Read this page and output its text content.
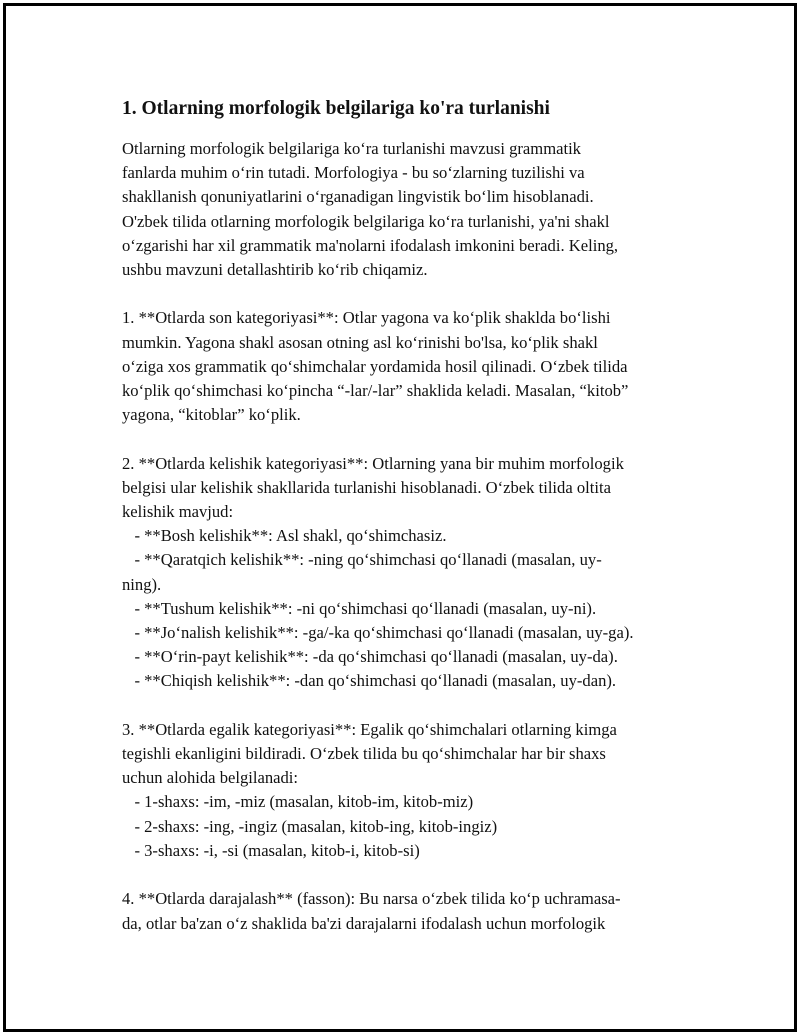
1. Otlarning morfologik belgilariga ko'ra turlanishi
Otlarning morfologik belgilariga ko‘ra turlanishi mavzusi grammatik
fanlarda muhim o‘rin tutadi. Morfologiya - bu so‘zlarning tuzilishi va
shakllanish qonuniyatlarini o‘rganadigan lingvistik bo‘lim hisoblanadi.
O'zbek tilida otlarning morfologik belgilariga ko‘ra turlanishi, ya'ni shakl
o‘zgarishi har xil grammatik ma'nolarni ifodalash imkonini beradi. Keling,
ushbu mavzuni detallashtirib ko‘rib chiqamiz.

1. **Otlarda son kategoriyasi**: Otlar yagona va ko‘plik shaklda bo‘lishi
mumkin. Yagona shakl asosan otning asl ko‘rinishi bo'lsa, ko‘plik shakl
o‘ziga xos grammatik qo‘shimchalar yordamida hosil qilinadi. O‘zbek tilida
ko‘plik qo‘shimchasi ko‘pincha “-lar/-lar” shaklida keladi. Masalan, “kitob”
yagona, “kitoblar” ko‘plik.

2. **Otlarda kelishik kategoriyasi**: Otlarning yana bir muhim morfologik
belgisi ular kelishik shakllarida turlanishi hisoblanadi. O‘zbek tilida oltita
kelishik mavjud:
- **Bosh kelishik**: Asl shakl, qo‘shimchasiz.
- **Qaratqich kelishik**: -ning qo‘shimchasi qo‘llanadi (masalan, uy-
ning).
- **Tushum kelishik**: -ni qo‘shimchasi qo‘llanadi (masalan, uy-ni).
- **Jo‘nalish kelishik**: -ga/-ka qo‘shimchasi qo‘llanadi (masalan, uy-ga).
- **O‘rin-payt kelishik**: -da qo‘shimchasi qo‘llanadi (masalan, uy-da).
- **Chiqish kelishik**: -dan qo‘shimchasi qo‘llanadi (masalan, uy-dan).

3. **Otlarda egalik kategoriyasi**: Egalik qo‘shimchalari otlarning kimga
tegishli ekanligini bildiradi. O‘zbek tilida bu qo‘shimchalar har bir shaxs
uchun alohida belgilanadi:
- 1-shaxs: -im, -miz (masalan, kitob-im, kitob-miz)
- 2-shaxs: -ing, -ingiz (masalan, kitob-ing, kitob-ingiz)
- 3-shaxs: -i, -si (masalan, kitob-i, kitob-si)

4. **Otlarda darajalash** (fasson): Bu narsa o‘zbek tilida ko‘p uchramasa-
da, otlar ba'zan o‘z shaklida ba'zi darajalarni ifodalash uchun morfologik
